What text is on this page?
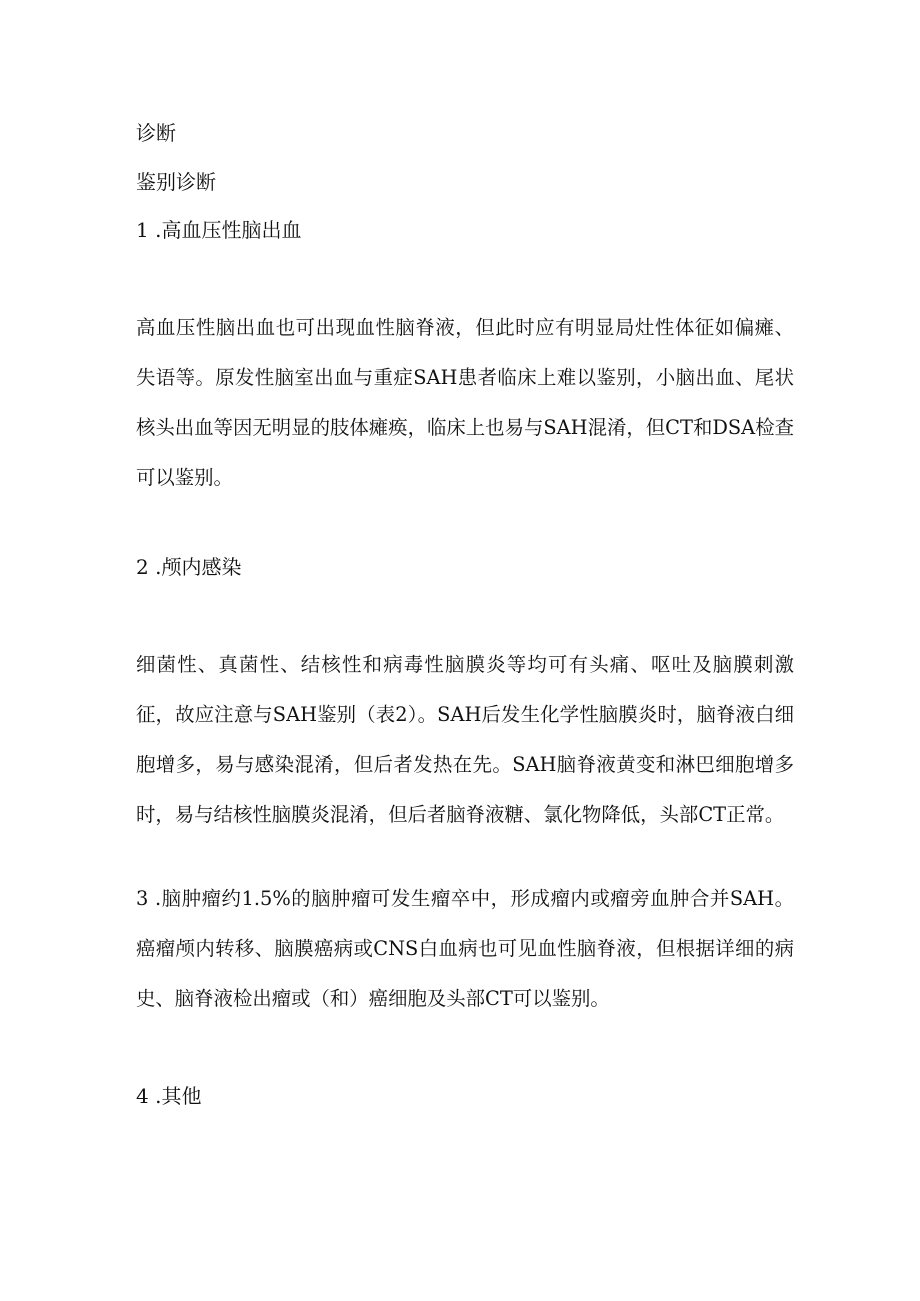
诊断

鉴别诊断

1 .高血压性脑出血

高血压性脑出血也可出现血性脑脊液，但此时应有明显局灶性体征如偏瘫、失语等。原发性脑室出血与重症SAH患者临床上难以鉴别，小脑出血、尾状核头出血等因无明显的肢体瘫痪，临床上也易与SAH混淆，但CT和DSA检查可以鉴别。

2 .颅内感染

细菌性、真菌性、结核性和病毒性脑膜炎等均可有头痛、呕吐及脑膜刺激征，故应注意与SAH鉴别（表2）。SAH后发生化学性脑膜炎时，脑脊液白细胞增多，易与感染混淆，但后者发热在先。SAH脑脊液黄变和淋巴细胞增多时，易与结核性脑膜炎混淆，但后者脑脊液糖、氯化物降低，头部CT正常。

3 .脑肿瘤约1.5%的脑肿瘤可发生瘤卒中，形成瘤内或瘤旁血肿合并SAH。癌瘤颅内转移、脑膜癌病或CNS白血病也可见血性脑脊液，但根据详细的病史、脑脊液检出瘤或（和）癌细胞及头部CT可以鉴别。

4 .其他
